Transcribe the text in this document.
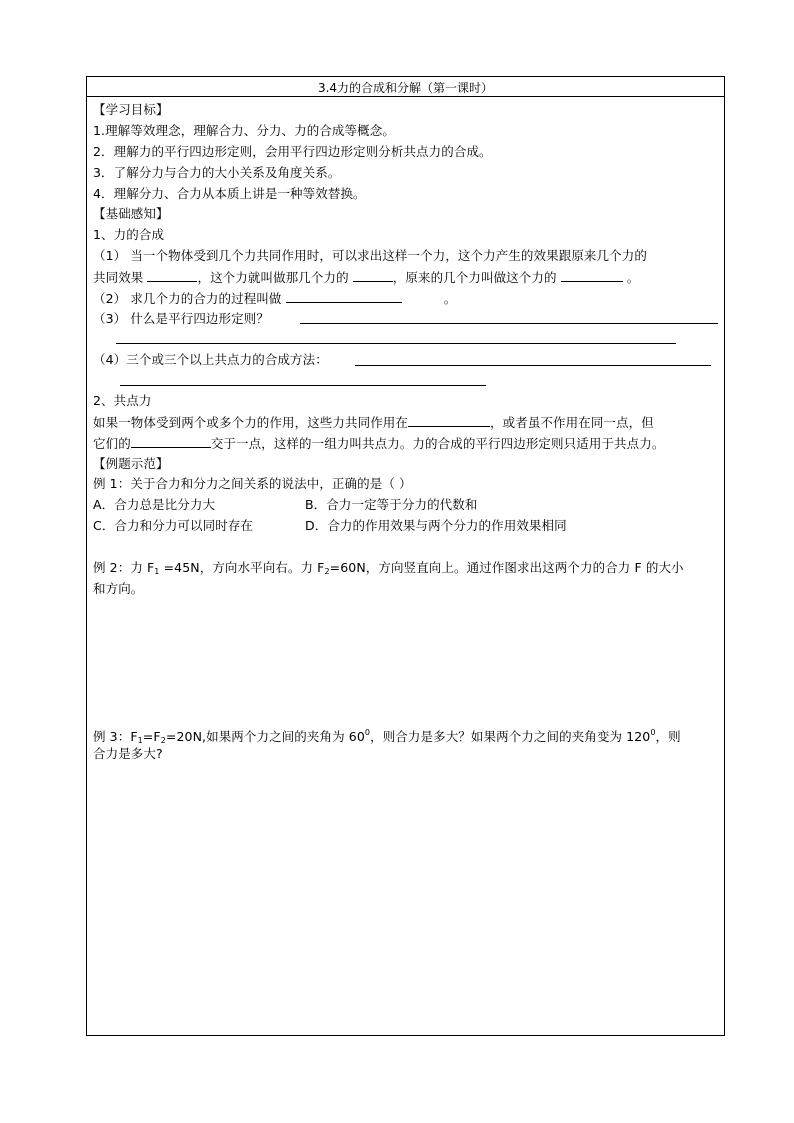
3.4力的合成和分解（第一课时）
【学习目标】
1.理解等效理念，理解合力、分力、力的合成等概念。
2．理解力的平行四边形定则，会用平行四边形定则分析共点力的合成。
3．了解分力与合力的大小关系及角度关系。
4．理解分力、合力从本质上讲是一种等效替换。
【基础感知】
1、力的合成
（1） 当一个物体受到几个力共同作用时，可以求出这样一个力，这个力产生的效果跟原来几个力的
共同效果	，这个力就叫做那几个力的	，原来的几个力叫做这个力的	。
（2） 求几个力的合力的过程叫做	。
（3） 什么是平行四边形定则？
（4）三个或三个以上共点力的合成方法：
2、共点力
如果一物体受到两个或多个力的作用，这些力共同作用在	，或者虽不作用在同一点，但
它们的	交于一点，这样的一组力叫共点力。力的合成的平行四边形定则只适用于共点力。
【例题示范】
例 1：关于合力和分力之间关系的说法中，正确的是（ ）
A．合力总是比分力大	B．合力一定等于分力的代数和
C．合力和分力可以同时存在	D．合力的作用效果与两个分力的作用效果相同
例 2：力 $F_1 =45N$，方向水平向右。力 $F_2=60N$，方向竖直向上。通过作图求出这两个力的合力 F 的大小
和方向。
例 3：$F_1=F_2=20N$,如果两个力之间的夹角为 $60^0$，则合力是多大？如果两个力之间的夹角变为 $120^0$，则
合力是多大?
